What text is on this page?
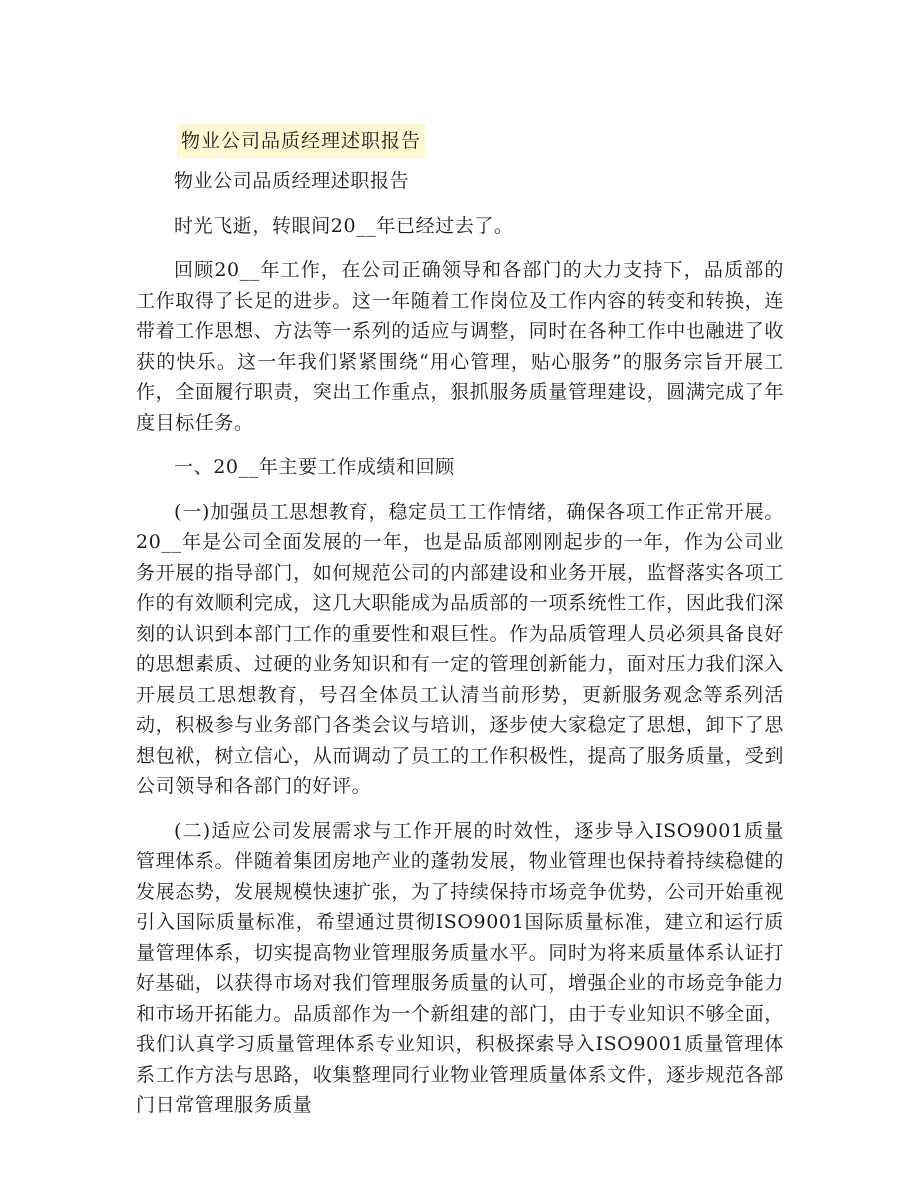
物业公司品质经理述职报告

物业公司品质经理述职报告

时光飞逝，转眼间20__年已经过去了。

回顾20__年工作，在公司正确领导和各部门的大力支持下，品质部的工作取得了长足的进步。这一年随着工作岗位及工作内容的转变和转换，连带着工作思想、方法等一系列的适应与调整，同时在各种工作中也融进了收获的快乐。这一年我们紧紧围绕“用心管理，贴心服务”的服务宗旨开展工作，全面履行职责，突出工作重点，狠抓服务质量管理建设，圆满完成了年度目标任务。

一、20__年主要工作成绩和回顾

(一)加强员工思想教育，稳定员工工作情绪，确保各项工作正常开展。20__年是公司全面发展的一年，也是品质部刚刚起步的一年，作为公司业务开展的指导部门，如何规范公司的内部建设和业务开展，监督落实各项工作的有效顺利完成，这几大职能成为品质部的一项系统性工作，因此我们深刻的认识到本部门工作的重要性和艰巨性。作为品质管理人员必须具备良好的思想素质、过硬的业务知识和有一定的管理创新能力，面对压力我们深入开展员工思想教育，号召全体员工认清当前形势，更新服务观念等系列活动，积极参与业务部门各类会议与培训，逐步使大家稳定了思想，卸下了思想包袱，树立信心，从而调动了员工的工作积极性，提高了服务质量，受到公司领导和各部门的好评。

(二)适应公司发展需求与工作开展的时效性，逐步导入ISO9001质量管理体系。伴随着集团房地产业的蓬勃发展，物业管理也保持着持续稳健的发展态势，发展规模快速扩张，为了持续保持市场竞争优势，公司开始重视引入国际质量标准，希望通过贯彻ISO9001国际质量标准，建立和运行质量管理体系，切实提高物业管理服务质量水平。同时为将来质量体系认证打好基础，以获得市场对我们管理服务质量的认可，增强企业的市场竞争能力和市场开拓能力。品质部作为一个新组建的部门，由于专业知识不够全面，我们认真学习质量管理体系专业知识，积极探索导入ISO9001质量管理体系工作方法与思路，收集整理同行业物业管理质量体系文件，逐步规范各部门日常管理服务质量
